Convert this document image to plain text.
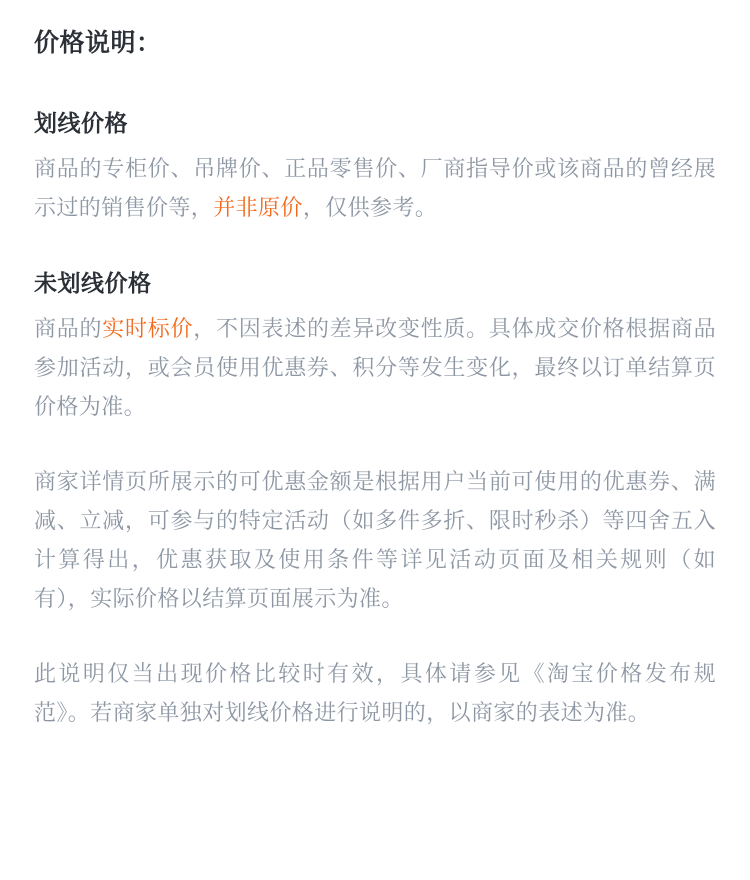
价格说明：
划线价格

商品的专柜价、吊牌价、正品零售价、厂商指导价或该商品的曾经展示过的销售价等，并非原价，仅供参考。

未划线价格

商品的实时标价，不因表述的差异改变性质。具体成交价格根据商品参加活动，或会员使用优惠券、积分等发生变化，最终以订单结算页价格为准。

商家详情页所展示的可优惠金额是根据用户当前可使用的优惠券、满减、立减，可参与的特定活动（如多件多折、限时秒杀）等四舍五入计算得出，优惠获取及使用条件等详见活动页面及相关规则（如有），实际价格以结算页面展示为准。

此说明仅当出现价格比较时有效，具体请参见《淘宝价格发布规范》。若商家单独对划线价格进行说明的，以商家的表述为准。
